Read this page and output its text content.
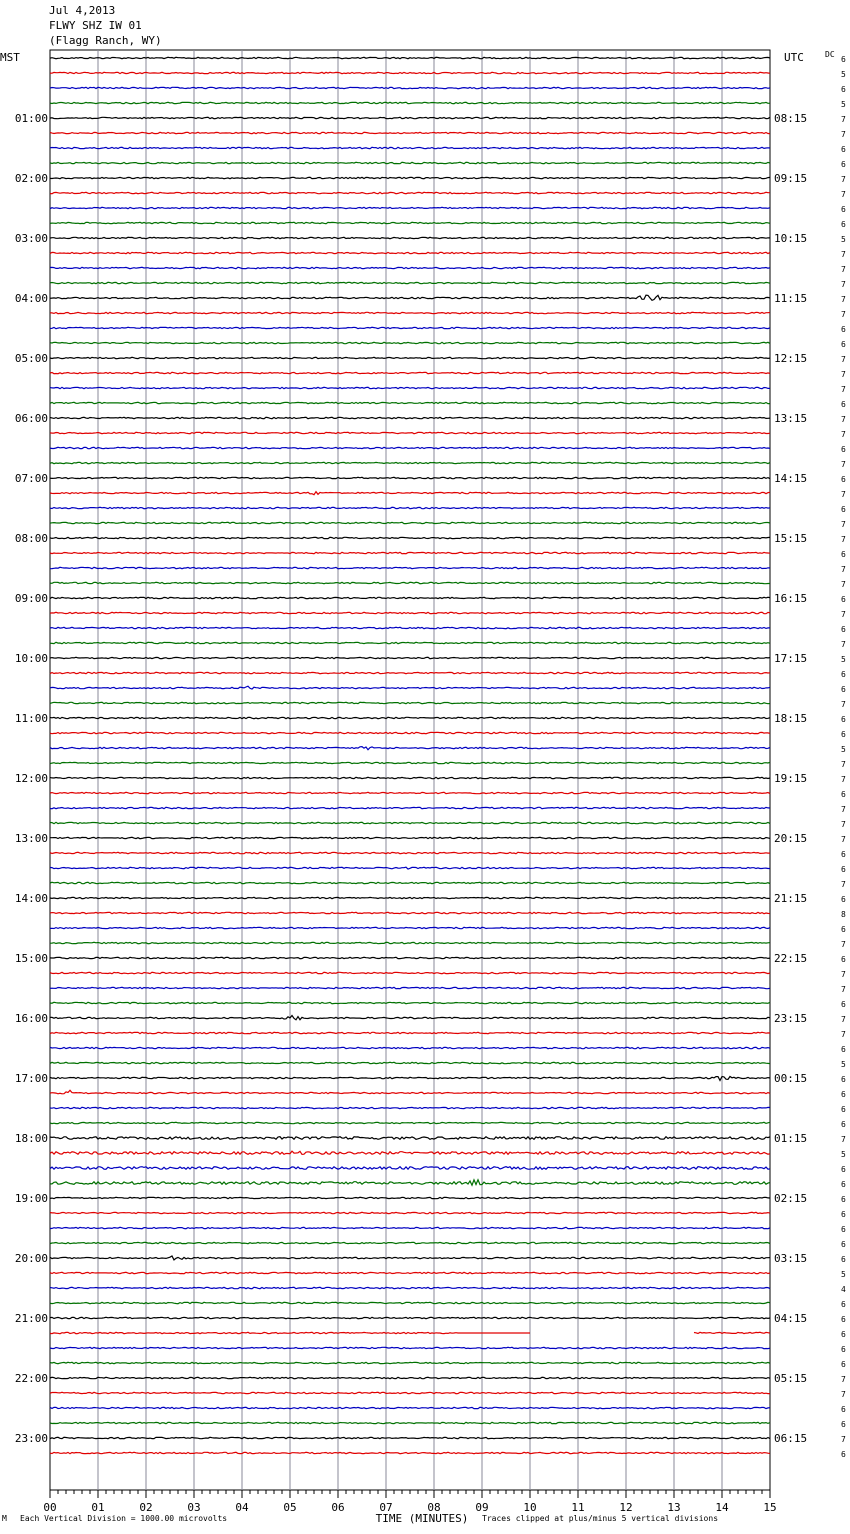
Jul 4,2013
FLWY SHZ IW 01
(Flagg Ranch, WY)
6
5
6
5
7
7
6
6
7
7
6
6
5
7
7
7
7
7
6
6
7
7
7
6
7
7
6
7
6
7
6
7
7
6
7
7
6
7
6
7
5
6
6
7
6
6
5
7
7
6
7
7
7
6
6
7
6
8
6
7
6
7
7
6
7
7
6
5
6
6
6
6
7
5
6
6
6
6
6
6
6
5
4
6
6
6
6
6
7
7
6
6
7
6
MST	UTC	DC
01:00
02:00
03:00
04:00
05:00
06:00
07:00
08:00
09:00
10:00
11:00
12:00
13:00
14:00
15:00
16:00
17:00
18:00
19:00
20:00
21:00
22:00
23:00
08:15
09:15
10:15
11:15
12:15
13:15
14:15
15:15
16:15
17:15
18:15
19:15
20:15
21:15
22:15
23:15
00:15
01:15
02:15
03:15
04:15
05:15
06:15
00	01	02	03	04	05	06	07	08	09	10	11	12	13	14	15
TIME (MINUTES)
M Each Vertical Division = 1000.00 microvolts	Traces clipped at plus/minus 5 vertical divisions
